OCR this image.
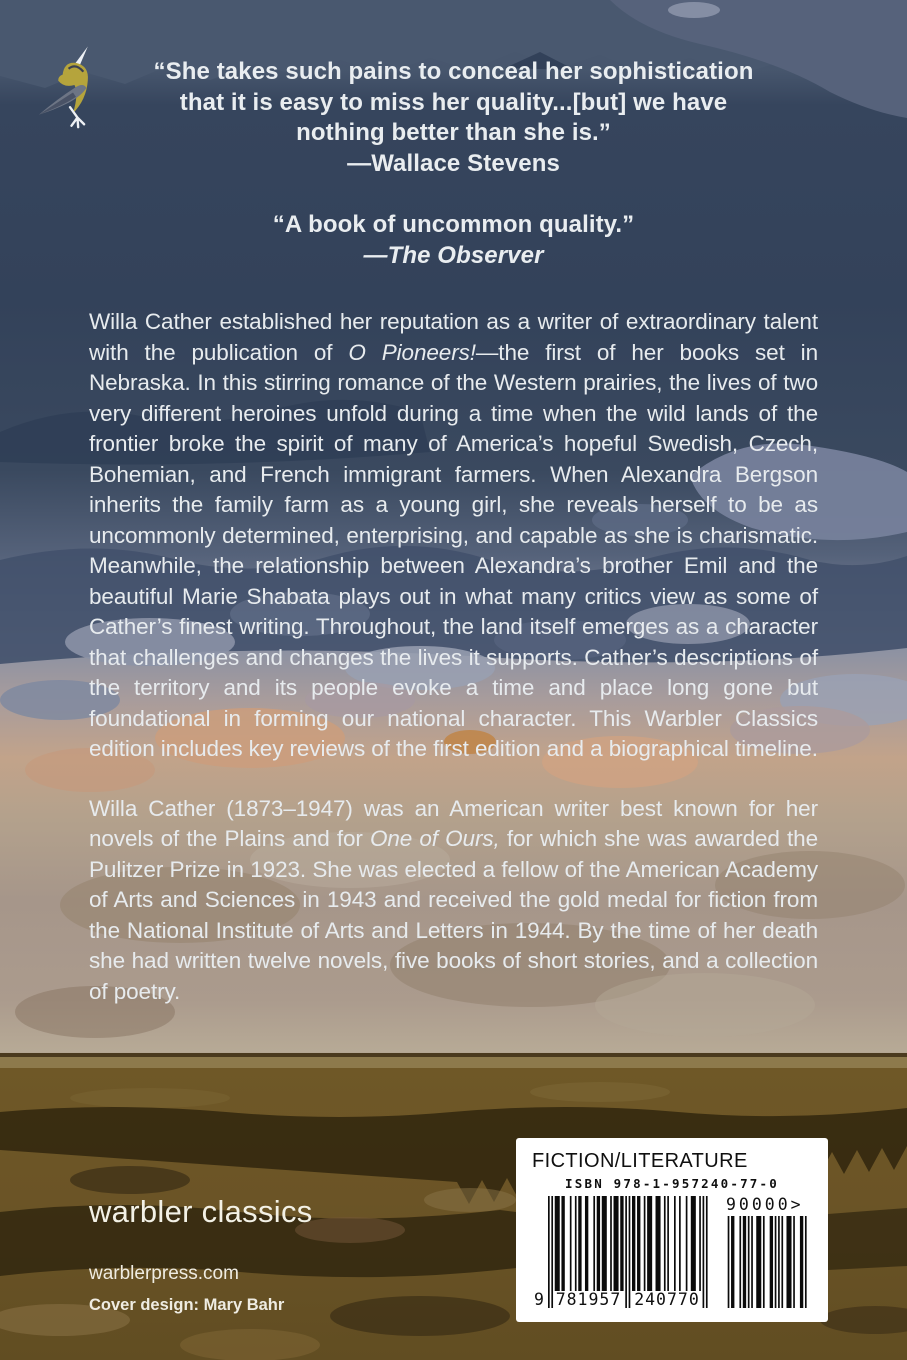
“She takes such pains to conceal her sophistication
that it is easy to miss her quality...[but] we have
nothing better than she is.”
—Wallace Stevens
“A book of uncommon quality.”
—The Observer

Willa Cather established her reputation as a writer of extraordinary talent with the publication of O Pioneers!—the first of her books set in Nebraska. In this stirring romance of the Western prairies, the lives of two very different heroines unfold during a time when the wild lands of the frontier broke the spirit of many of America’s hopeful Swedish, Czech, Bohemian, and French immigrant farmers. When Alexandra Bergson inherits the family farm as a young girl, she reveals herself to be as uncommonly determined, enterprising, and capable as she is charismatic. Meanwhile, the relationship between Alexandra’s brother Emil and the beautiful Marie Shabata plays out in what many critics view as some of Cather’s finest writing. Throughout, the land itself emerges as a character that challenges and changes the lives it supports. Cather’s descriptions of the territory and its people evoke a time and place long gone but foundational in forming our national character. This Warbler Classics edition includes key reviews of the first edition and a biographical timeline.

Willa Cather (1873–1947) was an American writer best known for her novels of the Plains and for One of Ours, for which she was awarded the Pulitzer Prize in 1923. She was elected a fellow of the American Academy of Arts and Sciences in 1943 and received the gold medal for fiction from the National Institute of Arts and Letters in 1944. By the time of her death she had written twelve novels, five books of short stories, and a collection of poetry.

warbler classics
warblerpress.com
Cover design: Mary Bahr
FICTION/LITERATURE
ISBN 978-1-957240-77-0
9 781957 240770
90000>
